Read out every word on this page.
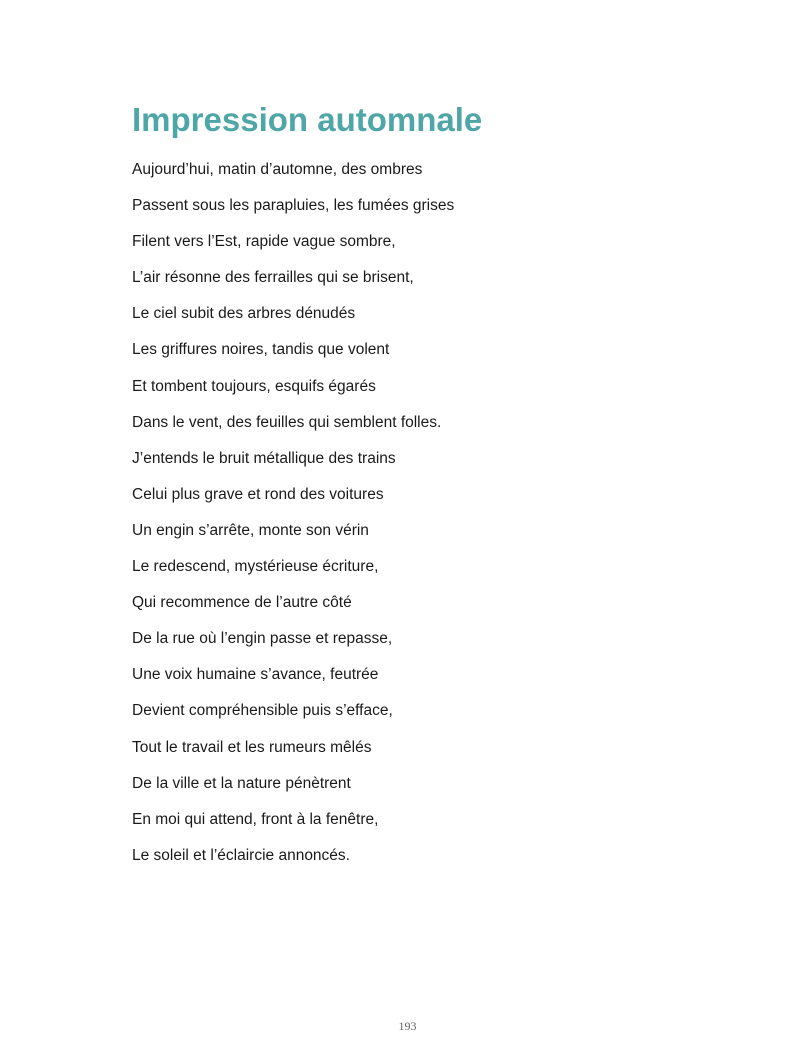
Impression automnale
Aujourd’hui, matin d’automne, des ombres
Passent sous les parapluies, les fumées grises
Filent vers l’Est, rapide vague sombre,
L’air résonne des ferrailles qui se brisent,
Le ciel subit des arbres dénudés
Les griffures noires, tandis que volent
Et tombent toujours, esquifs égarés
Dans le vent, des feuilles qui semblent folles.
J’entends le bruit métallique des trains
Celui plus grave et rond des voitures
Un engin s’arrête, monte son vérin
Le redescend, mystérieuse écriture,
Qui recommence de l’autre côté
De la rue où l’engin passe et repasse,
Une voix humaine s’avance, feutrée
Devient compréhensible puis s’efface,
Tout le travail et les rumeurs mêlés
De la ville et la nature pénètrent
En moi qui attend, front à la fenêtre,
Le soleil et l’éclaircie annoncés.
193
